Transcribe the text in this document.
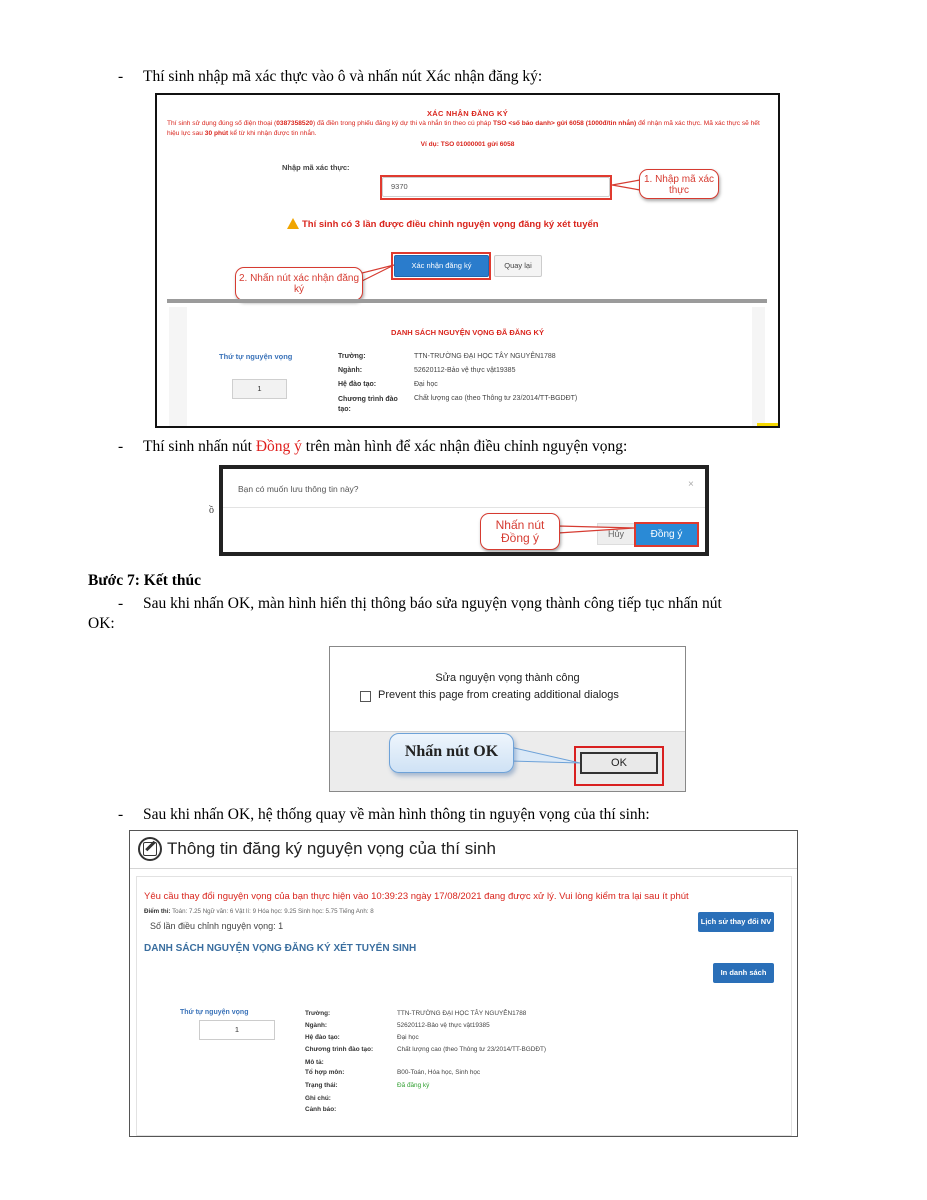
- Thí sinh nhập mã xác thực vào ô và nhấn nút Xác nhận đăng ký:
XÁC NHẬN ĐĂNG KÝ
Thí sinh sử dụng đúng số điện thoại (0387358520) đã điền trong phiếu đăng ký dự thi và nhắn tin theo cú pháp TSO <số báo danh> gửi 6058 (1000đ/tin nhắn) để nhận mã xác thực. Mã xác thực sẽ hết hiệu lực sau 30 phút kể từ khi nhận được tin nhắn.
Ví dụ: TSO 01000001 gửi 6058
Nhập mã xác thực:
9370
1. Nhập mã xác thực
Thí sinh có 3 lần được điều chỉnh nguyện vọng đăng ký xét tuyển
Xác nhận đăng ký	Quay lại
2. Nhấn nút xác nhận đăng ký
DANH SÁCH NGUYỆN VỌNG ĐÃ ĐĂNG KÝ
Thứ tự nguyện vọng
1
Trường:	TTN-TRƯỜNG ĐẠI HỌC TÂY NGUYÊN1788
Ngành:	52620112-Bảo vệ thực vật19385
Hệ đào tạo:	Đại học
Chương trình đào tạo:
Chất lượng cao (theo Thông tư 23/2014/TT-BGDĐT)
- Thí sinh nhấn nút Đồng ý trên màn hình để xác nhận điều chỉnh nguyện vọng:
ồ
Bạn có muốn lưu thông tin này?	×
Hủy	Đồng ý
Nhấn nút Đồng ý
Bước 7: Kết thúc
- Sau khi nhấn OK, màn hình hiển thị thông báo sửa nguyện vọng thành công tiếp tục nhấn nút
OK:
Sửa nguyện vọng thành công
Prevent this page from creating additional dialogs
OK
Nhấn nút OK
- Sau khi nhấn OK, hệ thống quay về màn hình thông tin nguyện vọng của thí sinh:
Thông tin đăng ký nguyện vọng của thí sinh
Yêu cầu thay đổi nguyện vọng của bạn thực hiện vào 10:39:23 ngày 17/08/2021 đang được xử lý. Vui lòng kiểm tra lại sau ít phút
Điểm thi: Toán: 7.25 Ngữ văn: 6 Vật lí: 9 Hóa học: 9.25 Sinh học: 5.75 Tiếng Anh: 8
Số lần điều chỉnh nguyện vọng: 1	Lịch sử thay đổi NV
DANH SÁCH NGUYỆN VỌNG ĐĂNG KÝ XÉT TUYỂN SINH
In danh sách
Thứ tự nguyện vọng
1
Trường:	TTN-TRƯỜNG ĐẠI HỌC TÂY NGUYÊN1788
Ngành:	52620112-Bảo vệ thực vật19385
Hệ đào tạo:	Đại học
Chương trình đào tạo:	Chất lượng cao (theo Thông tư 23/2014/TT-BGDĐT)
Mô tả:
Tổ hợp môn:	B00-Toán, Hóa học, Sinh học
Trạng thái:	Đã đăng ký
Ghi chú:
Cảnh báo:
